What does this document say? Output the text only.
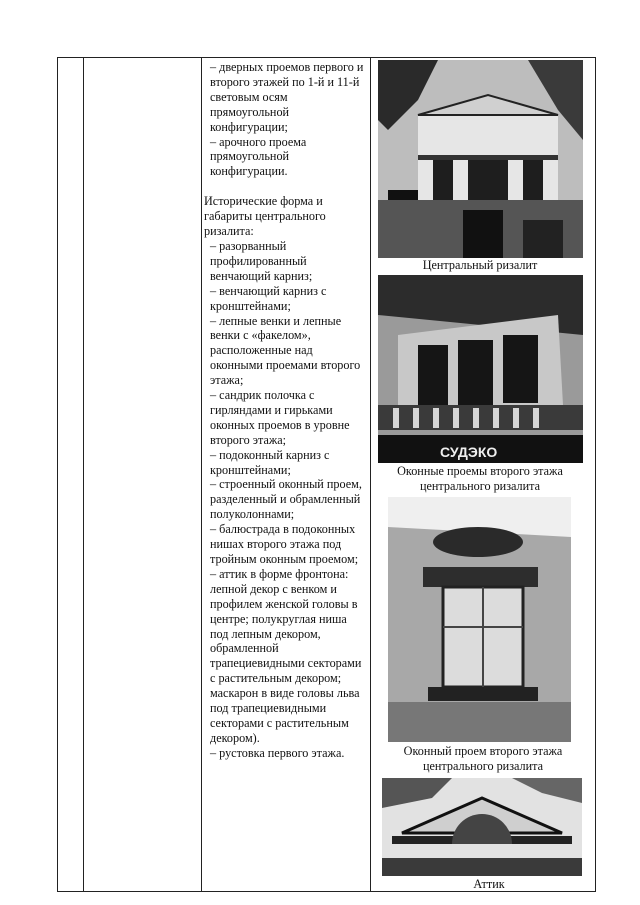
– дверных проемов первого и второго этажей по 1-й и 11-й световым осям прямоугольной конфигурации;

– арочного проема прямоугольной конфигурации.

Исторические форма и габариты центрального ризалита:

– разорванный профилированный венчающий карниз;

– венчающий карниз с кронштейнами;

– лепные венки и лепные венки с «факелом», расположенные над оконными проемами второго этажа;

– сандрик полочка с гирляндами и гирьками оконных проемов в уровне второго этажа;

– подоконный карниз с кронштейнами;

– строенный оконный проем, разделенный и обрамленный полуколоннами;

– балюстрада в подоконных нишах второго этажа под тройным оконным проемом;

– аттик в форме фронтона: лепной декор с венком и профилем женской головы в центре; полукруглая ниша под лепным декором, обрамленной трапециевидными секторами с растительным декором; маскарон в виде головы льва под трапециевидными секторами с растительным декором).

– рустовка первого этажа.

Центральный ризалит
СУДЭКО
Оконные проемы второго этажа центрального ризалита
Оконный проем второго этажа центрального ризалита
Аттик
